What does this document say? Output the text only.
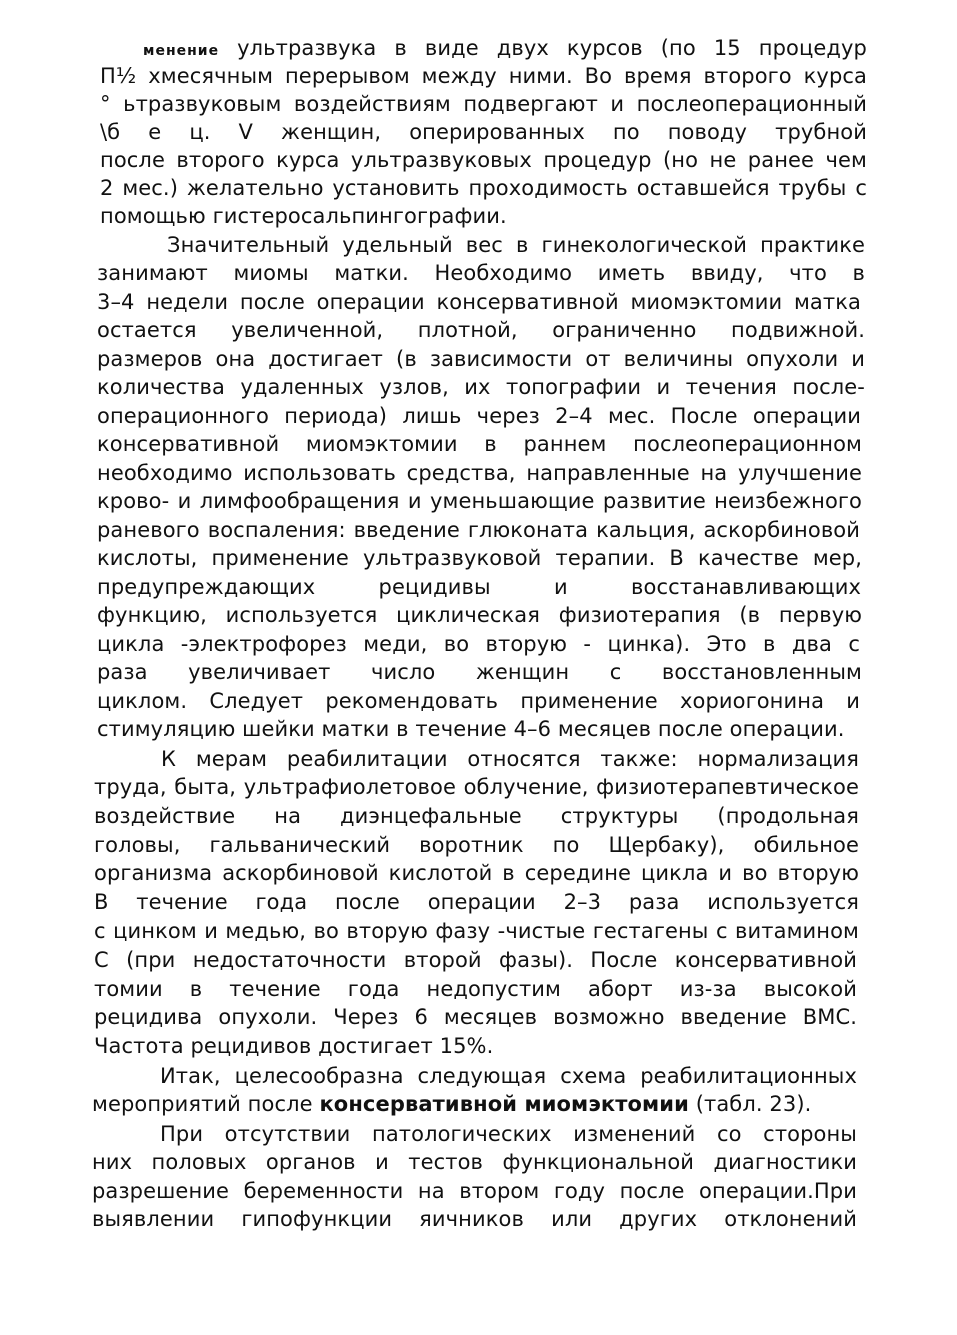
менение ультразвука в виде двух курсов (по 15 процедур
П½ хмесячным перерывом между ними. Во время второго курса
° ьтразвуковым воздействиям подвергают и послеоперационный
\б е ц. V женщин, оперированных по поводу трубной
после второго курса ультразвуковых процедур (но не ранее чем
2 мес.) желательно установить проходимость оставшейся трубы с
помощью гистеросальпингографии.
Значительный удельный вес в гинекологической практике
занимают миомы матки. Необходимо иметь ввиду, что в
3–4 недели после операции консервативной миомэктомии матка
остается увеличенной, плотной, ограниченно подвижной.
размеров она достигает (в зависимости от величины опухоли и
количества удаленных узлов, их топографии и течения после-
операционного периода) лишь через 2–4 мес. После операции
консервативной миомэктомии в раннем послеоперационном
необходимо использовать средства, направленные на улучшение
крово- и лимфообращения и уменьшающие развитие неизбежного
раневого воспаления: введение глюконата кальция, аскорбиновой
кислоты, применение ультразвуковой терапии. В качестве мер,
предупреждающих рецидивы и восстанавливающих
функцию, используется циклическая физиотерапия (в первую
цикла -электрофорез меди, во вторую - цинка). Это в два с
раза увеличивает число женщин с восстановленным
циклом. Следует рекомендовать применение хориогонина и
стимуляцию шейки матки в течение 4–6 месяцев после операции.
К мерам реабилитации относятся также: нормализация
труда, быта, ультрафиолетовое облучение, физиотерапевтическое
воздействие на диэнцефальные структуры (продольная
головы, гальванический воротник по Щербаку), обильное
организма аскорбиновой кислотой в середине цикла и во вторую
В течение года после операции 2–3 раза используется
с цинком и медью, во вторую фазу -чистые гестагены с витамином
С (при недостаточности второй фазы). После консервативной
томии в течение года недопустим аборт из-за высокой
рецидива опухоли. Через 6 месяцев возможно введение ВМС.
Частота рецидивов достигает 15%.
Итак, целесообразна следующая схема реабилитационных
мероприятий после консервативной миомэктомии (табл. 23).
При отсутствии патологических изменений со стороны
них половых органов и тестов функциональной диагностики
разрешение беременности на втором году после операции.При
выявлении гипофункции яичников или других отклонений
